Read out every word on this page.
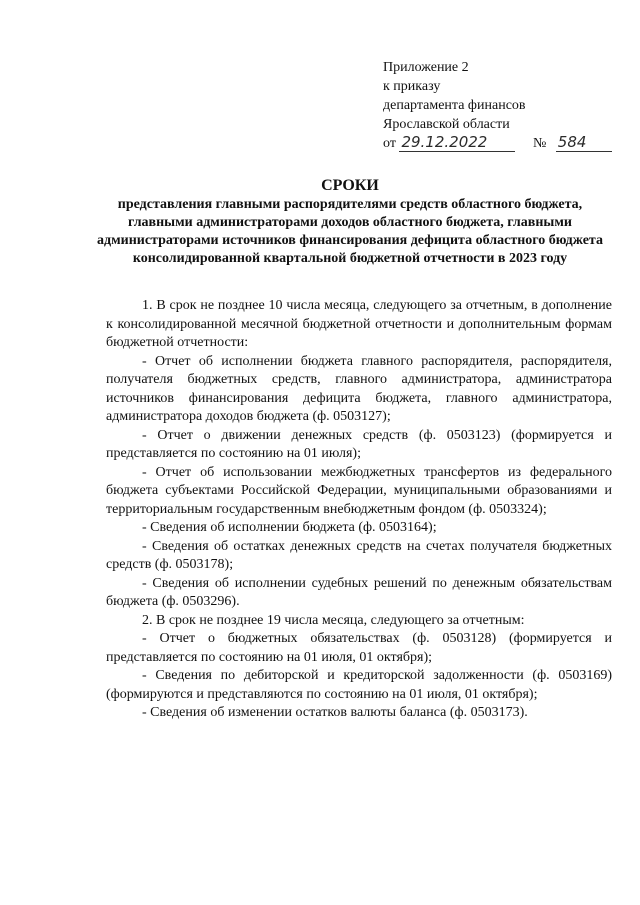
Приложение 2
к приказу
департамента финансов
Ярославской области
от 29.12.2022	№ 584
СРОКИ
представления главными распорядителями средств областного бюджета, главными администраторами доходов областного бюджета, главными администраторами источников финансирования дефицита областного бюджета консолидированной квартальной бюджетной отчетности в 2023 году

1. В срок не позднее 10 числа месяца, следующего за отчетным, в дополнение к консолидированной месячной бюджетной отчетности и дополнительным формам бюджетной отчетности:

- Отчет об исполнении бюджета главного распорядителя, распорядителя, получателя бюджетных средств, главного администратора, администратора источников финансирования дефицита бюджета, главного администратора, администратора доходов бюджета (ф. 0503127);

- Отчет о движении денежных средств (ф. 0503123) (формируется и представляется по состоянию на 01 июля);

- Отчет об использовании межбюджетных трансфертов из федерального бюджета субъектами Российской Федерации, муниципальными образованиями и территориальным государственным внебюджетным фондом (ф. 0503324);

- Сведения об исполнении бюджета (ф. 0503164);

- Сведения об остатках денежных средств на счетах получателя бюджетных средств (ф. 0503178);

- Сведения об исполнении судебных решений по денежным обязательствам бюджета (ф. 0503296).

2. В срок не позднее 19 числа месяца, следующего за отчетным:

- Отчет о бюджетных обязательствах (ф. 0503128) (формируется и представляется по состоянию на 01 июля, 01 октября);

- Сведения по дебиторской и кредиторской задолженности (ф. 0503169) (формируются и представляются по состоянию на 01 июля, 01 октября);

- Сведения об изменении остатков валюты баланса (ф. 0503173).
